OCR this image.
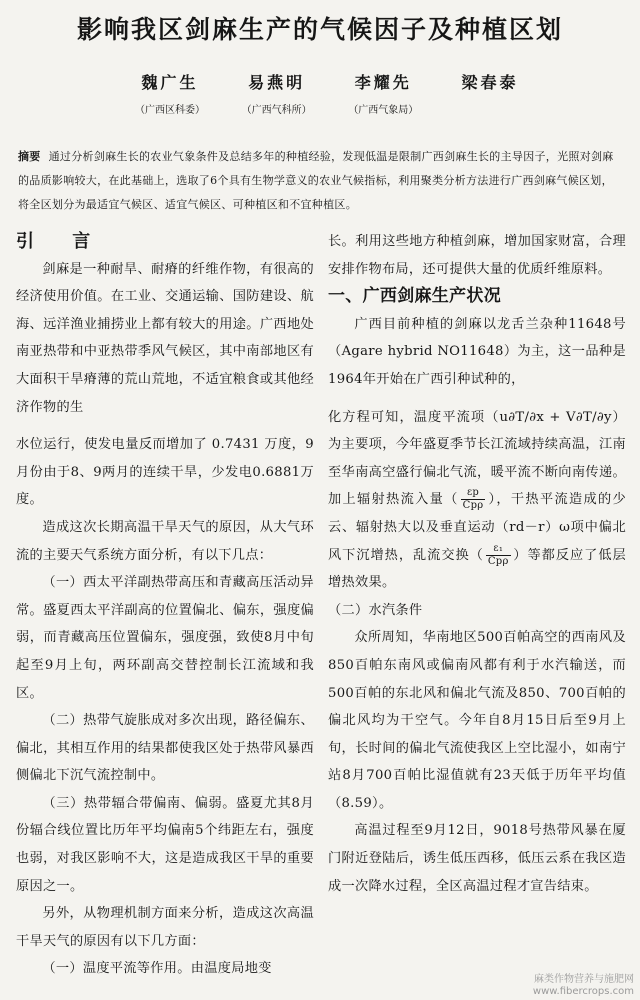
影响我区剑麻生产的气候因子及种植区划
魏广生
（广西区科委）
易燕明
（广西气科所）
李耀先
（广西气象局）
梁春泰
摘要 通过分析剑麻生长的农业气象条件及总结多年的种植经验，发现低温是限制广西剑麻生长的主导因子，光照对剑麻的品质影响较大，在此基础上，选取了6个具有生物学意义的农业气候指标，利用聚类分析方法进行广西剑麻气候区划，将全区划分为最适宜气候区、适宜气候区、可种植区和不宜种植区。

引 言

剑麻是一种耐旱、耐瘠的纤维作物，有很高的经济使用价值。在工业、交通运输、国防建设、航海、远洋渔业捕捞业上都有较大的用途。广西地处南亚热带和中亚热带季风气候区，其中南部地区有大面积干旱瘠薄的荒山荒地，不适宜粮食或其他经济作物的生

水位运行，使发电量反而增加了 0.7431 万度，9月份由于8、9两月的连续干旱，少发电0.6881万度。

造成这次长期高温干旱天气的原因，从大气环流的主要天气系统方面分析，有以下几点：

（一）西太平洋副热带高压和青藏高压活动异常。盛夏西太平洋副高的位置偏北、偏东，强度偏弱，而青藏高压位置偏东，强度强，致使8月中旬起至9月上旬，两环副高交替控制长江流域和我区。

（二）热带气旋胀成对多次出现，路径偏东、偏北，其相互作用的结果都使我区处于热带风暴西侧偏北下沉气流控制中。

（三）热带辐合带偏南、偏弱。盛夏尤其8月份辐合线位置比历年平均偏南5个纬距左右，强度也弱，对我区影响不大，这是造成我区干旱的重要原因之一。

另外，从物理机制方面来分析，造成这次高温干旱天气的原因有以下几方面：

（一）温度平流等作用。由温度局地变

长。利用这些地方种植剑麻，增加国家财富，合理安排作物布局，还可提供大量的优质纤维原料。

一、广西剑麻生产状况

广西目前种植的剑麻以龙舌兰杂种11648号（Agare hybrid NO11648）为主，这一品种是1964年开始在广西引种试种的，

化方程可知，温度平流项（u∂T/∂x + V∂T/∂y）为主要项，今年盛夏季节长江流域持续高温，江南至华南高空盛行偏北气流，暖平流不断向南传递。加上辐射热流入量（ $\frac{\varepsilon p}{\text{Cpρ}}$ ），干热平流造成的少云、辐射热大以及垂直运动（rd－r）ω项中偏北风下沉增热，乱流交换（ $\frac{\text{ε₁}}{\text{Cpρ}}$ ）等都反应了低层增热效果。

（二）水汽条件

众所周知，华南地区500百帕高空的西南风及850百帕东南风或偏南风都有利于水汽输送，而500百帕的东北风和偏北气流及850、700百帕的偏北风均为干空气。今年自8月15日后至9月上旬，长时间的偏北气流使我区上空比湿小，如南宁站8月700百帕比湿值就有23天低于历年平均值（8.59）。

高温过程至9月12日，9018号热带风暴在厦门附近登陆后，诱生低压西移，低压云系在我区造成一次降水过程，全区高温过程才宣告结束。

麻类作物营养与施肥网
www.fibercrops.com
